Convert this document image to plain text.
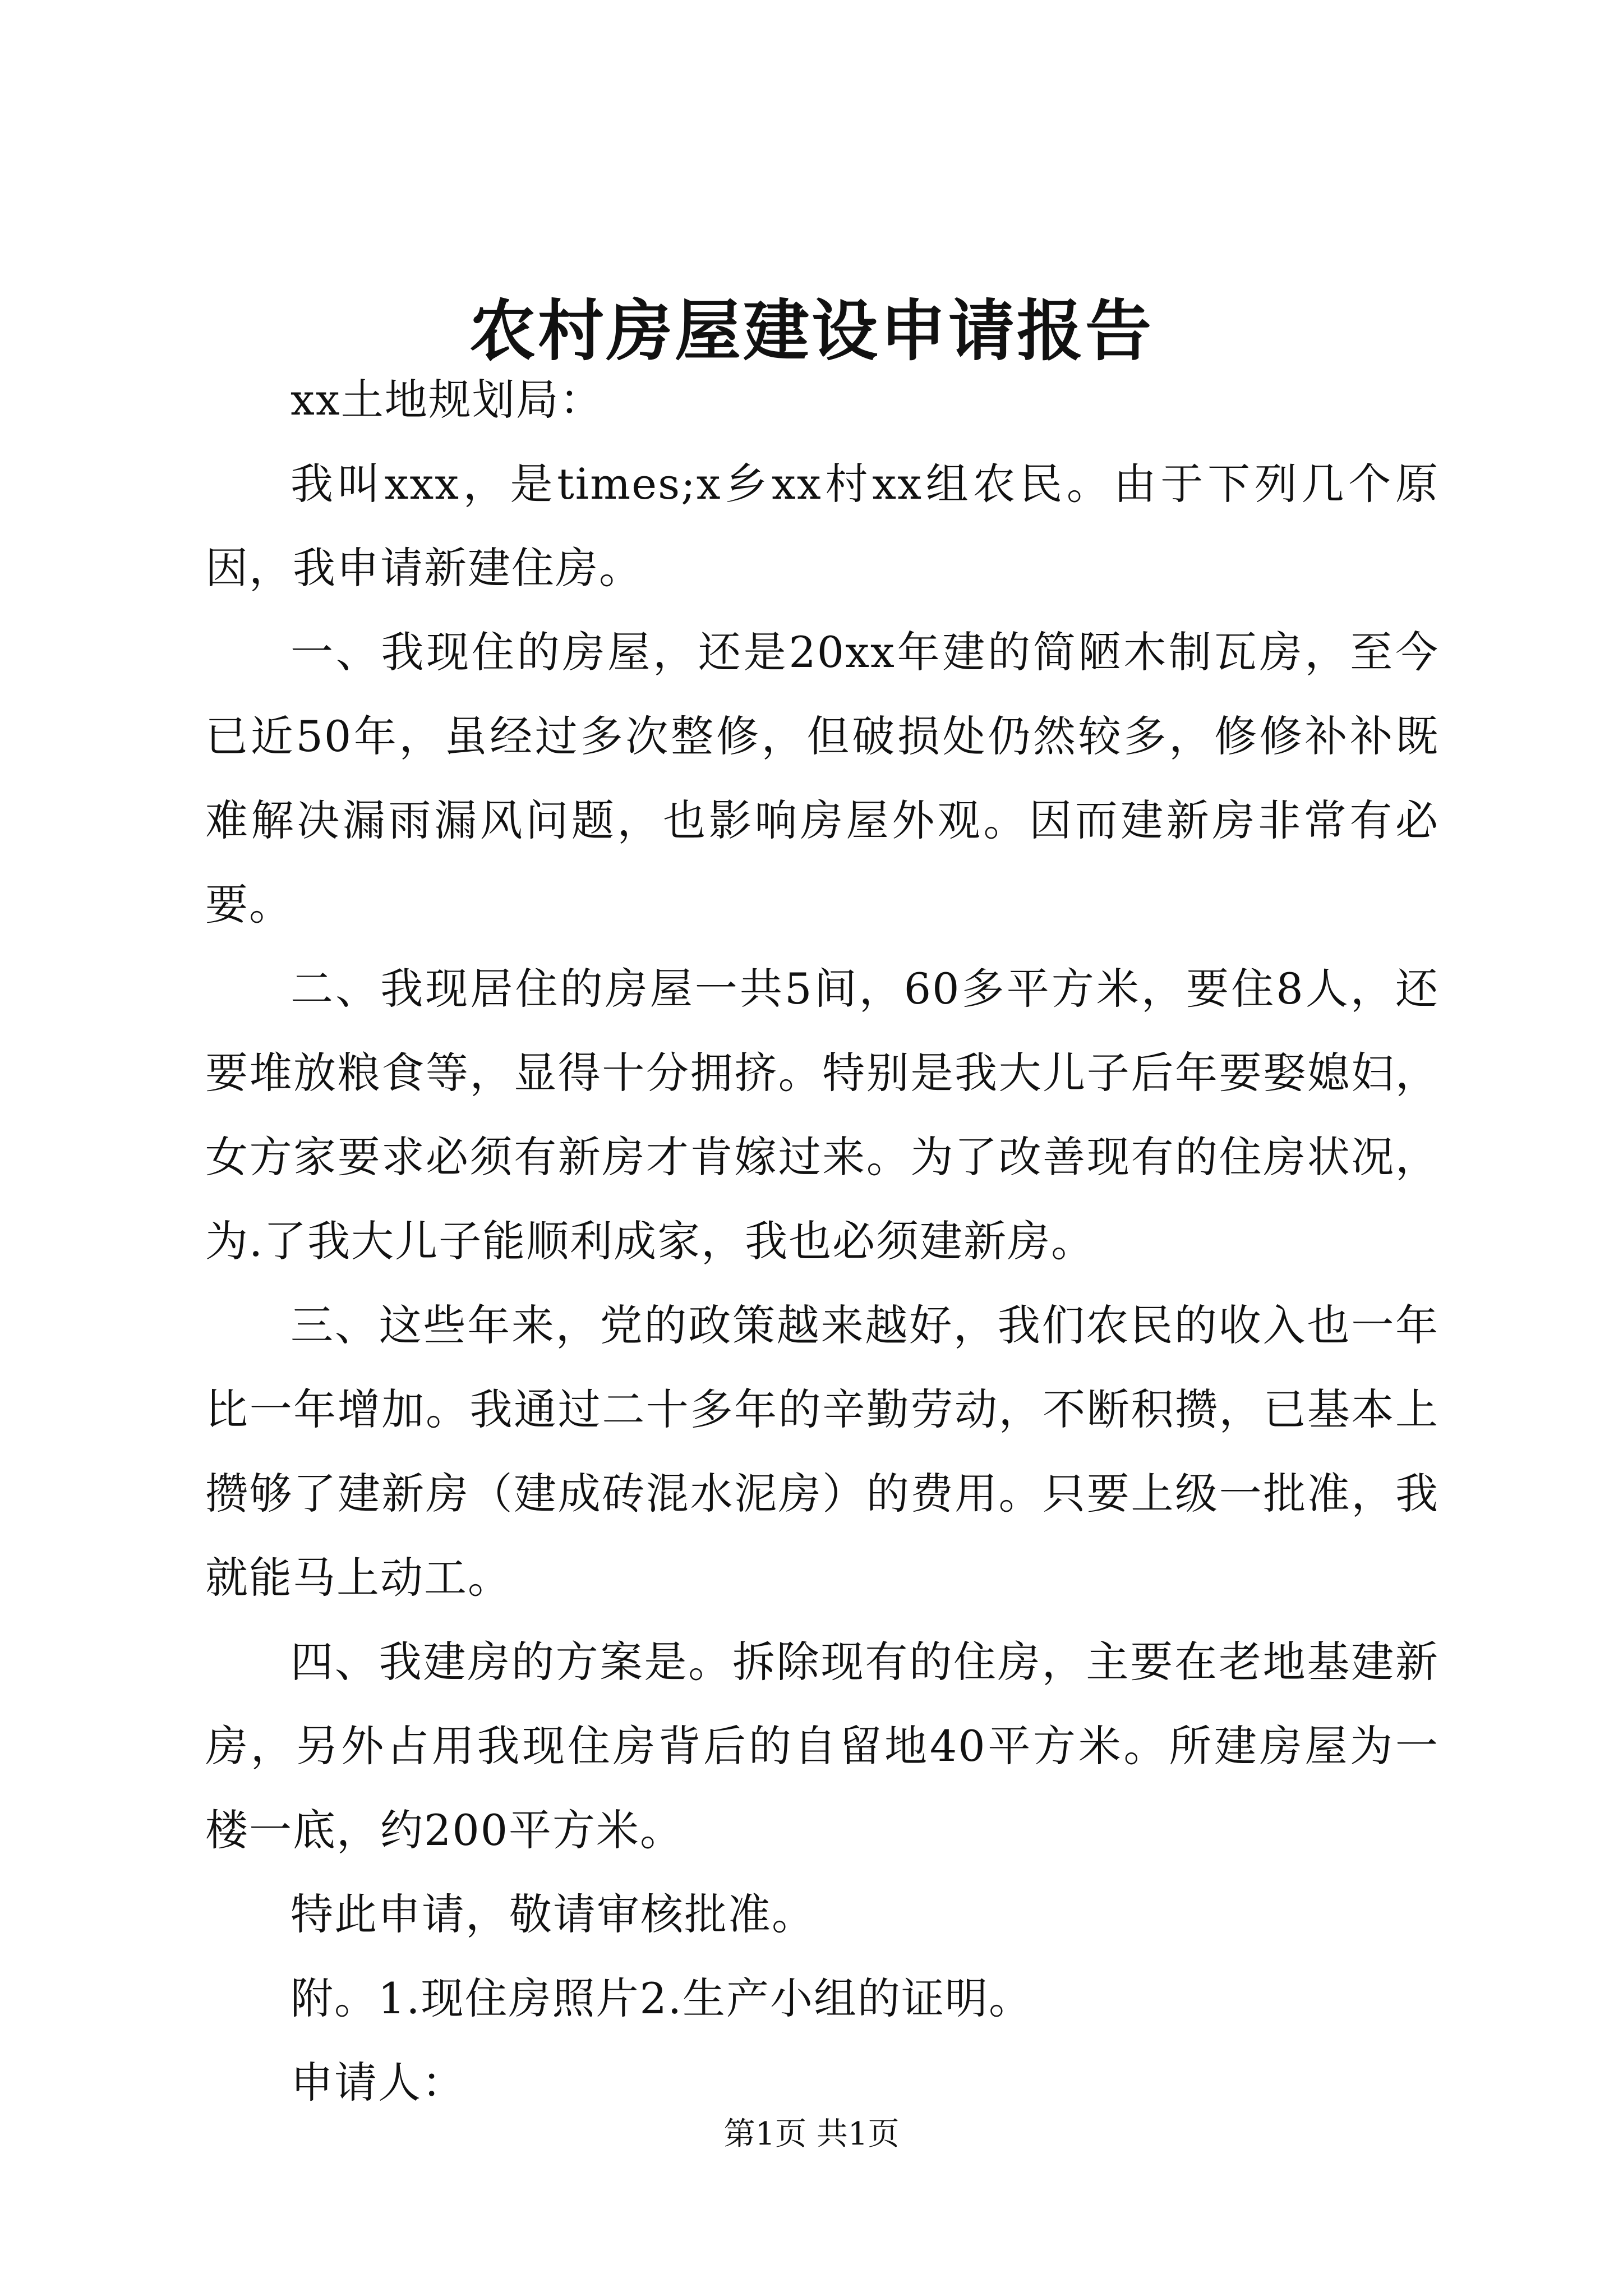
农村房屋建设申请报告

xx土地规划局：

我叫xxx，是times;x乡xx村xx组农民。由于下列几个原因，我申请新建住房。

一、我现住的房屋，还是20xx年建的简陋木制瓦房，至今已近50年，虽经过多次整修，但破损处仍然较多，修修补补既难解决漏雨漏风问题，也影响房屋外观。因而建新房非常有必要。

二、我现居住的房屋一共5间，60多平方米，要住8人，还要堆放粮食等，显得十分拥挤。特别是我大儿子后年要娶媳妇，女方家要求必须有新房才肯嫁过来。为了改善现有的住房状况，为.了我大儿子能顺利成家，我也必须建新房。

三、这些年来，党的政策越来越好，我们农民的收入也一年比一年增加。我通过二十多年的辛勤劳动，不断积攒，已基本上攒够了建新房（建成砖混水泥房）的费用。只要上级一批准，我就能马上动工。

四、我建房的方案是。拆除现有的住房，主要在老地基建新房，另外占用我现住房背后的自留地40平方米。所建房屋为一楼一底，约200平方米。

特此申请，敬请审核批准。

附。1.现住房照片2.生产小组的证明。

申请人：

第1页 共1页
